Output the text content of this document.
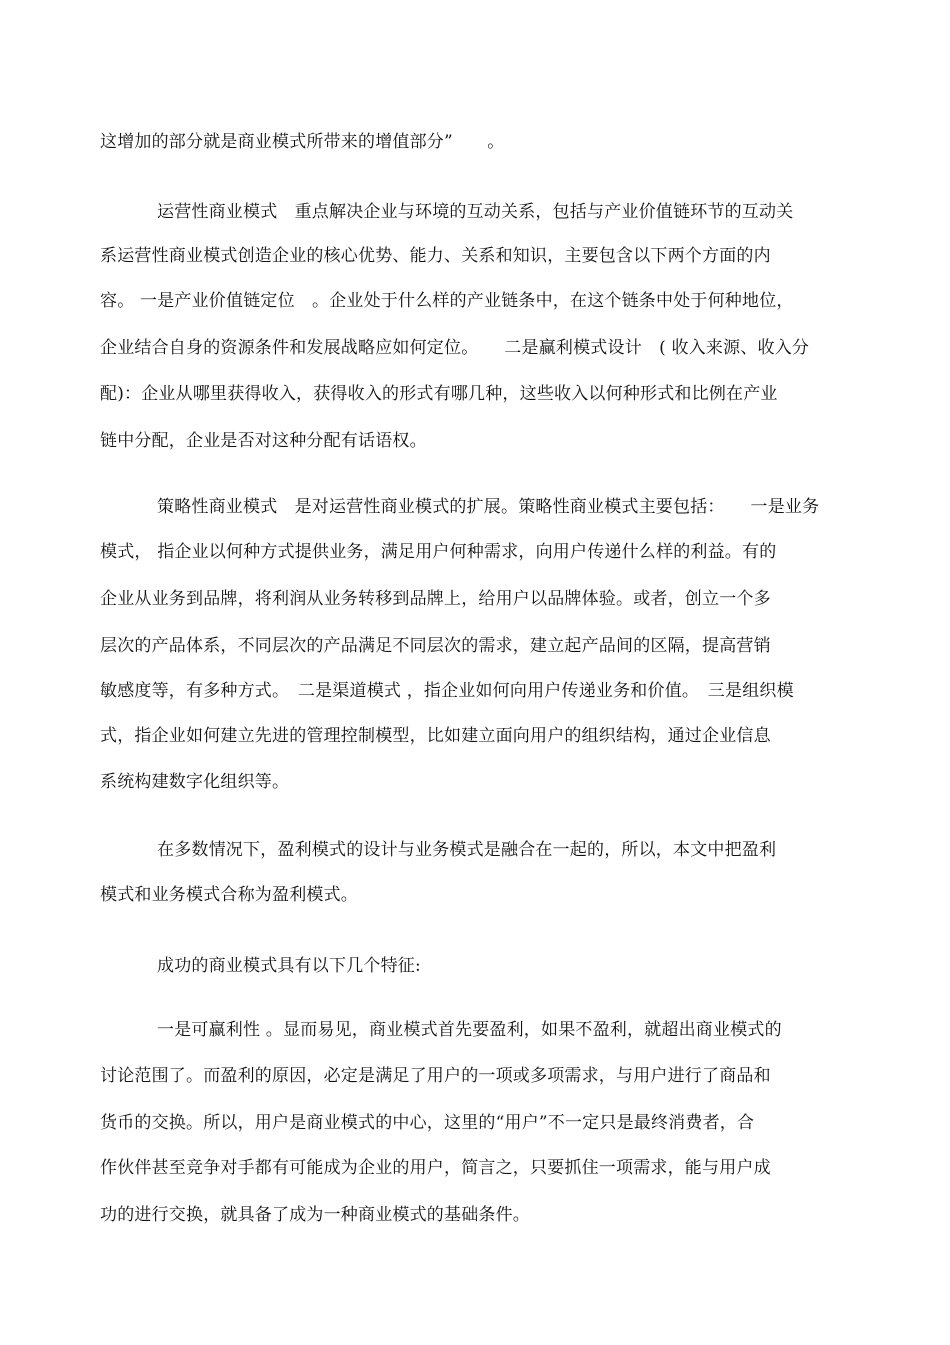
这增加的部分就是商业模式所带来的增值部分”　　。
运营性商业模式　重点解决企业与环境的互动关系，包括与产业价值链环节的互动关
系运营性商业模式创造企业的核心优势、能力、关系和知识，主要包含以下两个方面的内
容。 一是产业价值链定位　。企业处于什么样的产业链条中，在这个链条中处于何种地位，
企业结合自身的资源条件和发展战略应如何定位。　　二是赢利模式设计　( 收入来源、收入分
配)：企业从哪里获得收入，获得收入的形式有哪几种，这些收入以何种形式和比例在产业
链中分配，企业是否对这种分配有话语权。
策略性商业模式　是对运营性商业模式的扩展。策略性商业模式主要包括：　　一是业务
模式， 指企业以何种方式提供业务，满足用户何种需求，向用户传递什么样的利益。有的
企业从业务到品牌，将利润从业务转移到品牌上，给用户以品牌体验。或者，创立一个多
层次的产品体系，不同层次的产品满足不同层次的需求，建立起产品间的区隔，提高营销
敏感度等，有多种方式。　二是渠道模式 ，指企业如何向用户传递业务和价值。　三是组织模
式，指企业如何建立先进的管理控制模型，比如建立面向用户的组织结构，通过企业信息
系统构建数字化组织等。
在多数情况下，盈利模式的设计与业务模式是融合在一起的，所以，本文中把盈利
模式和业务模式合称为盈利模式。
成功的商业模式具有以下几个特征:
一是可赢利性 。显而易见，商业模式首先要盈利，如果不盈利，就超出商业模式的
讨论范围了。而盈利的原因，必定是满足了用户的一项或多项需求，与用户进行了商品和
货币的交换。所以，用户是商业模式的中心，这里的“用户”不一定只是最终消费者，合
作伙伴甚至竞争对手都有可能成为企业的用户，简言之，只要抓住一项需求，能与用户成
功的进行交换，就具备了成为一种商业模式的基础条件。
